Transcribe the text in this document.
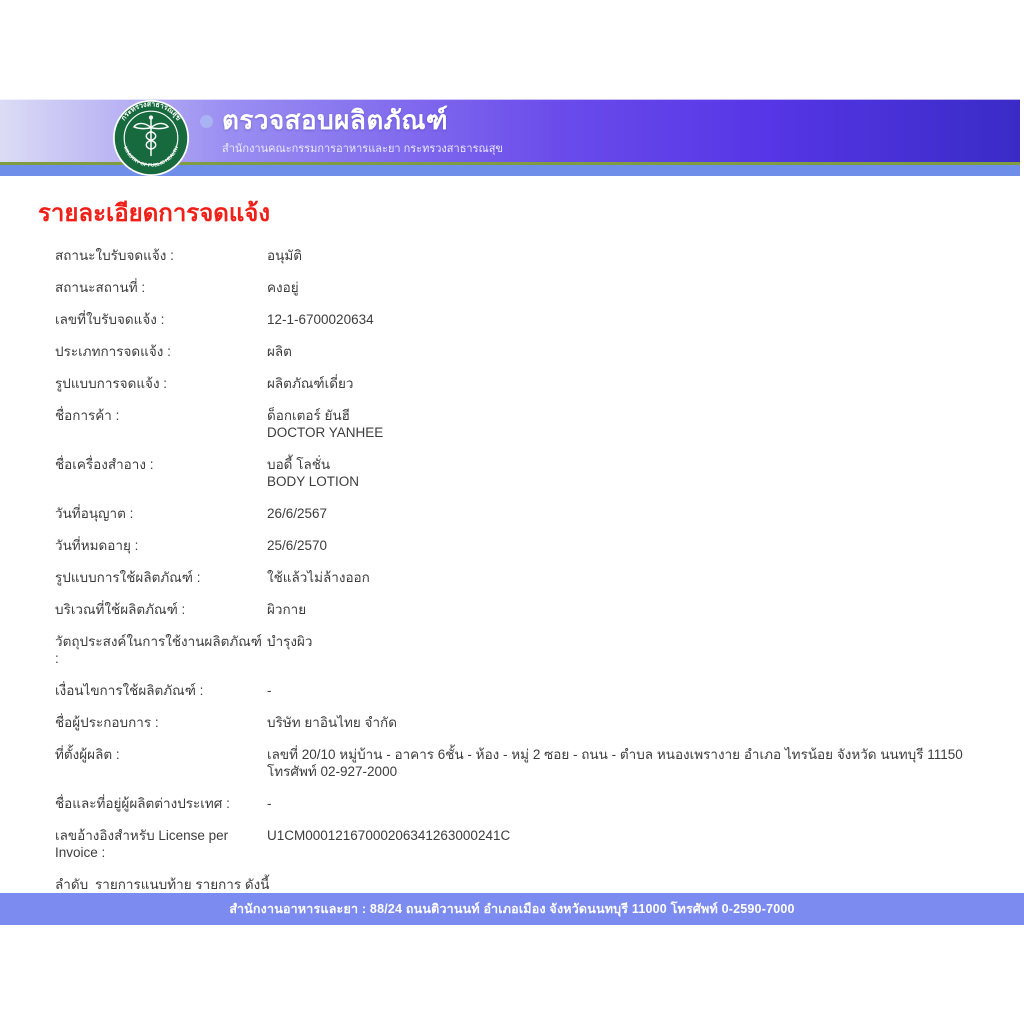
กระทรวงสาธารณสุข
MINISTRY OF PUBLIC HEALTH
ตรวจสอบผลิตภัณฑ์
สำนักงานคณะกรรมการอาหารและยา กระทรวงสาธารณสุข
รายละเอียดการจดแจ้ง
สถานะใบรับจดแจ้ง :	อนุมัติ
สถานะสถานที่ :	คงอยู่
เลขที่ใบรับจดแจ้ง :	12-1-6700020634
ประเภทการจดแจ้ง :	ผลิต
รูปแบบการจดแจ้ง :	ผลิตภัณฑ์เดี่ยว
ชื่อการค้า :	ด็อกเตอร์ ยันฮี
DOCTOR YANHEE
ชื่อเครื่องสำอาง :	บอดี้ โลชั่น
BODY LOTION
วันที่อนุญาต :	26/6/2567
วันที่หมดอายุ :	25/6/2570
รูปแบบการใช้ผลิตภัณฑ์ :	ใช้แล้วไม่ล้างออก
บริเวณที่ใช้ผลิตภัณฑ์ :	ผิวกาย
วัตถุประสงค์ในการใช้งานผลิตภัณฑ์ :
บำรุงผิว
เงื่อนไขการใช้ผลิตภัณฑ์ :	-
ชื่อผู้ประกอบการ :	บริษัท ยาอินไทย จำกัด
ที่ตั้งผู้ผลิต :	เลขที่ 20/10 หมู่บ้าน - อาคาร 6ชั้น - ห้อง - หมู่ 2 ซอย - ถนน - ตำบล หนองเพรางาย อำเภอ ไทรน้อย จังหวัด นนทบุรี 11150 โทรศัพท์ 02-927-2000
ชื่อและที่อยู่ผู้ผลิตต่างประเทศ :	-
เลขอ้างอิงสำหรับ License per Invoice :
U1CM00012167000206341263000241C
ลำดับ รายการแนบท้าย รายการ ดังนี้
สำนักงานอาหารและยา : 88/24 ถนนติวานนท์ อำเภอเมือง จังหวัดนนทบุรี 11000 โทรศัพท์ 0-2590-7000
